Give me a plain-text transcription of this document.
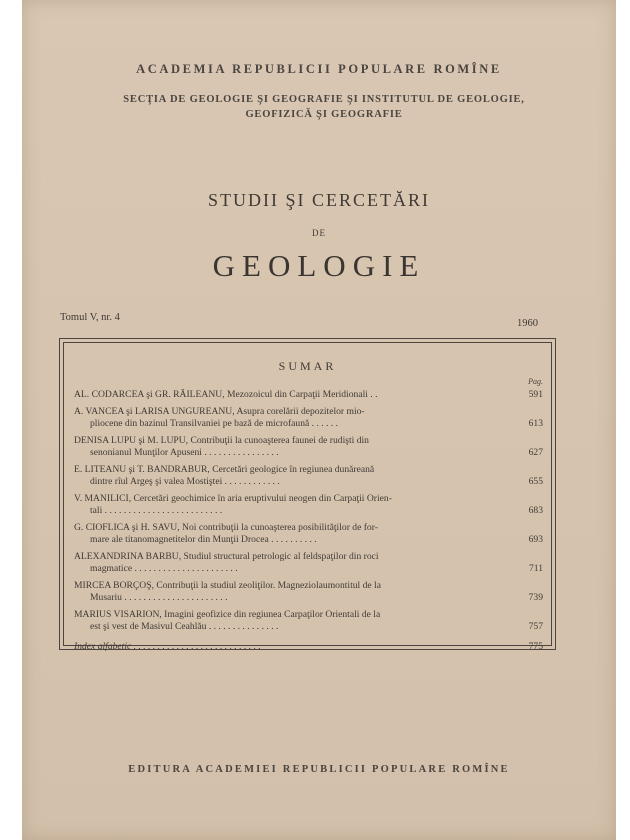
ACADEMIA REPUBLICII POPULARE ROMÎNE
SECŢIA DE GEOLOGIE ŞI GEOGRAFIE ŞI INSTITUTUL DE GEOLOGIE,
GEOFIZICĂ ŞI GEOGRAFIE
STUDII ŞI CERCETĂRI
DE
GEOLOGIE
Tomul V, nr. 4
1960
SUMAR
Pag.
AL. CODARCEA şi GR. RĂILEANU, Mezozoicul din Carpaţii Meridionali . .	591
A. VANCEA şi LARISA UNGUREANU, Asupra corelării depozitelor mio-
pliocene din bazinul Transilvaniei pe bază de microfaună . . . . . .	613
DENISA LUPU şi M. LUPU, Contribuţii la cunoaşterea faunei de rudişti din
senonianul Munţilor Apuseni . . . . . . . . . . . . . . . .	627
E. LITEANU şi T. BANDRABUR, Cercetări geologice în regiunea dunăreană
dintre rîul Argeş şi valea Mostiştei . . . . . . . . . . . .	655
V. MANILICI, Cercetări geochimice în aria eruptivului neogen din Carpaţii Orien-
tali . . . . . . . . . . . . . . . . . . . . . . . . .	683
G. CIOFLICA şi H. SAVU, Noi contribuţii la cunoaşterea posibilităţilor de for-
mare ale titanomagnetitelor din Munţii Drocea . . . . . . . . . .	693
ALEXANDRINA BARBU, Studiul structural petrologic al feldspaţilor din roci
magmatice . . . . . . . . . . . . . . . . . . . . . .	711
MIRCEA BORÇOŞ, Contribuţii la studiul zeoliţilor. Magneziolaumontitul de la
Musariu . . . . . . . . . . . . . . . . . . . . . .	739
MARIUS VISARION, Imagini geofizice din regiunea Carpaţilor Orientali de la
est şi vest de Masivul Ceahlău . . . . . . . . . . . . . . .	757
Index alfabetic . . . . . . . . . . . . . . . . . . . . . . . . . . .	775
EDITURA ACADEMIEI REPUBLICII POPULARE ROMÎNE
